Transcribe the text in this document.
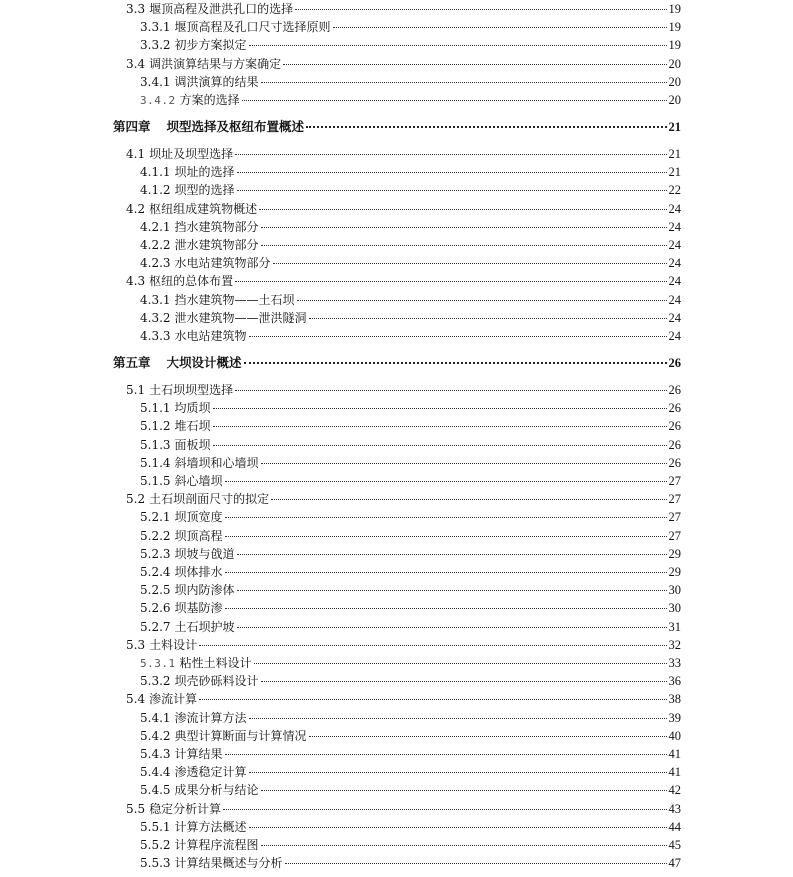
3.3 堰顶高程及泄洪孔口的选择	19
3.3.1 堰顶高程及孔口尺寸选择原则	19
3.3.2 初步方案拟定	19
3.4 调洪演算结果与方案确定	20
3.4.1 调洪演算的结果	20
3.4.2 方案的选择	20
第四章 坝型选择及枢纽布置概述	21
4.1 坝址及坝型选择	21
4.1.1 坝址的选择	21
4.1.2 坝型的选择	22
4.2 枢纽组成建筑物概述	24
4.2.1 挡水建筑物部分	24
4.2.2 泄水建筑物部分	24
4.2.3 水电站建筑物部分	24
4.3 枢纽的总体布置	24
4.3.1 挡水建筑物——土石坝	24
4.3.2 泄水建筑物——泄洪隧洞	24
4.3.3 水电站建筑物	24
第五章 大坝设计概述	26
5.1 土石坝坝型选择	26
5.1.1 均质坝	26
5.1.2 堆石坝	26
5.1.3 面板坝	26
5.1.4 斜墙坝和心墙坝	26
5.1.5 斜心墙坝	27
5.2 土石坝剖面尺寸的拟定	27
5.2.1 坝顶宽度	27
5.2.2 坝顶高程	27
5.2.3 坝坡与戗道	29
5.2.4 坝体排水	29
5.2.5 坝内防渗体	30
5.2.6 坝基防渗	30
5.2.7 土石坝护坡	31
5.3 土料设计	32
5.3.1 粘性土料设计	33
5.3.2 坝壳砂砾料设计	36
5.4 渗流计算	38
5.4.1 渗流计算方法	39
5.4.2 典型计算断面与计算情况	40
5.4.3 计算结果	41
5.4.4 渗透稳定计算	41
5.4.5 成果分析与结论	42
5.5 稳定分析计算	43
5.5.1 计算方法概述	44
5.5.2 计算程序流程图	45
5.5.3 计算结果概述与分析	47
